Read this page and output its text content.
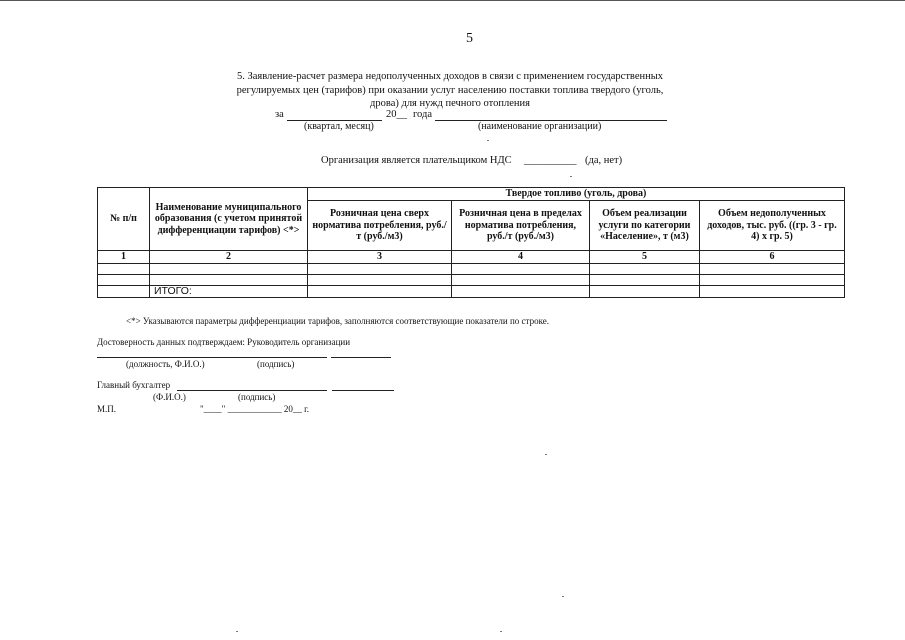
5
5. Заявление-расчет размера недополученных доходов в связи с применением государственных регулируемых цен (тарифов) при оказании услуг населению поставки топлива твердого (уголь, дрова) для нужд печного отопления
за	20__ года
(квартал, месяц)	(наименование организации)
Организация является плательщиком НДС __________ (да, нет)
№ п/п	Наименование муниципального образования (с учетом принятой дифференциации тарифов) <*>	Твердое топливо (уголь, дрова)			
		Розничная цена сверх норматива потребления, руб./т (руб./м3)	Розничная цена в пределах норматива потребления, руб./т (руб./м3)	Объем реализации услуги по категории «Население», т (м3)	Объем недополученных доходов, тыс. руб. ((гр. 3 - гр. 4) x гр. 5)
1	2	3	4	5	6

	ИТОГО:				
<*> Указываются параметры дифференциации тарифов, заполняются соответствующие показатели по строке.
Достоверность данных подтверждаем: Руководитель организации
(должность, Ф.И.О.)	(подпись)
Главный бухгалтер
(Ф.И.О.)	(подпись)
М.П.	"____" ____________ 20__ г.
